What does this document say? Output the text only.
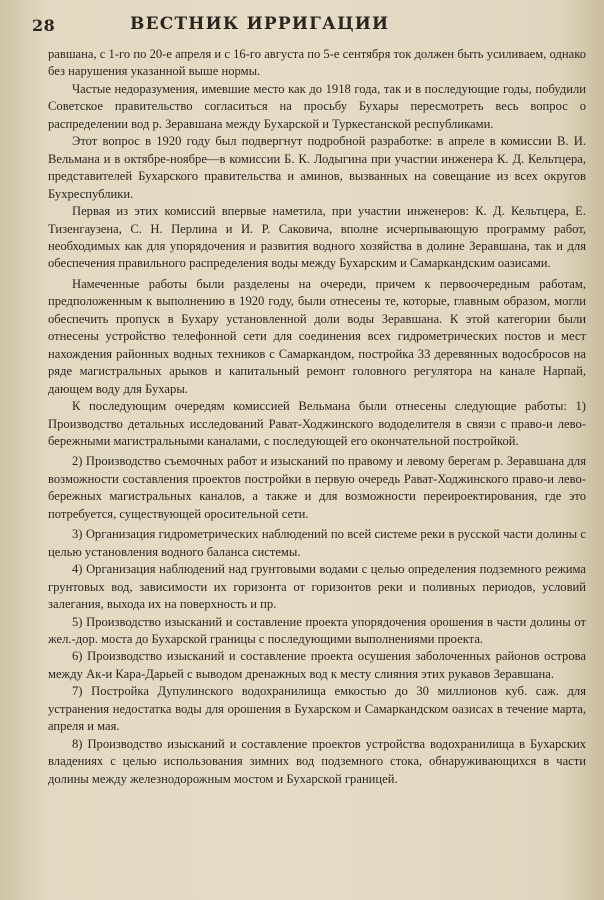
28	ВЕСТНИК ИРРИГАЦИИ

равшана, с 1-го по 20-е апреля и с 16-го августа по 5-е сентября ток должен быть усиливаем, однако без нарушения указанной выше нормы.

Частые недоразумения, имевшие место как до 1918 года, так и в последующие годы, побудили Советское правительство согласиться на просьбу Бухары пересмотреть весь вопрос о распределении вод р. Зеравшана между Бухарской и Туркестанской республиками.

Этот вопрос в 1920 году был подвергнут подробной разработке: в апреле в комиссии В. И. Вельмана и в октябре-ноябре—в комиссии Б. К. Лодыгина при участии инженера К. Д. Кельтцера, представителей Бухарского правительства и аминов, вызванных на совещание из всех округов Бухреспублики.

Первая из этих комиссий впервые наметила, при участии инженеров: К. Д. Кельтцера, Е. Тизенгаузена, С. Н. Перлина и И. Р. Саковича, вполне исчерпывающую программу работ, необходимых как для упорядочения и развития водного хозяйства в долине Зеравшана, так и для обеспечения правильного распределения воды между Бухарским и Самаркандским оазисами.

Намеченные работы были разделены на очереди, причем к первоочередным работам, предположенным к выполнению в 1920 году, были отнесены те, которые, главным образом, могли обеспечить пропуск в Бухару установленной доли воды Зеравшана. К этой категории были отнесены устройство телефонной сети для соединения всех гидрометрических постов и мест нахождения районных водных техников с Самаркандом, постройка 33 деревянных водосбросов на ряде магистральных арыков и капитальный ремонт головного регулятора на канале Нарпай, дающем воду для Бухары.

К последующим очередям комиссией Вельмана были отнесены следующие работы: 1) Производство детальных исследований Рават-Ходжинского вододелителя в связи с право-и лево-бережными магистральными каналами, с последующей его окончательной постройкой.

2) Производство съемочных работ и изысканий по правому и левому берегам р. Зеравшана для возможности составления проектов постройки в первую очередь Рават-Ходжинского право-и лево-бережных магистральных каналов, а также и для возможности переироектирования, где это потребуется, существующей оросительной сети.

3) Организация гидрометрических наблюдений по всей системе реки в русской части долины с целью установления водного баланса системы.

4) Организация наблюдений над грунтовыми водами с целью определения подземного режима грунтовых вод, зависимости их горизонта от горизонтов реки и поливных периодов, условий залегания, выхода их на поверхность и пр.

5) Производство изысканий и составление проекта упорядочения орошения в части долины от жел.-дор. моста до Бухарской границы с последующими выполнениями проекта.

6) Производство изысканий и составление проекта осушения заболоченных районов острова между Ак-и Кара-Дарьей с выводом дренажных вод к месту слияния этих рукавов Зеравшана.

7) Постройка Дупулинского водохранилища емкостью до 30 миллионов куб. саж. для устранения недостатка воды для орошения в Бухарском и Самаркандском оазисах в течение марта, апреля и мая.

8) Производство изысканий и составление проектов устройства водохранилища в Бухарских владениях с целью использования зимних вод подземного стока, обнаруживающихся в части долины между железнодорожным мостом и Бухарской границей.
